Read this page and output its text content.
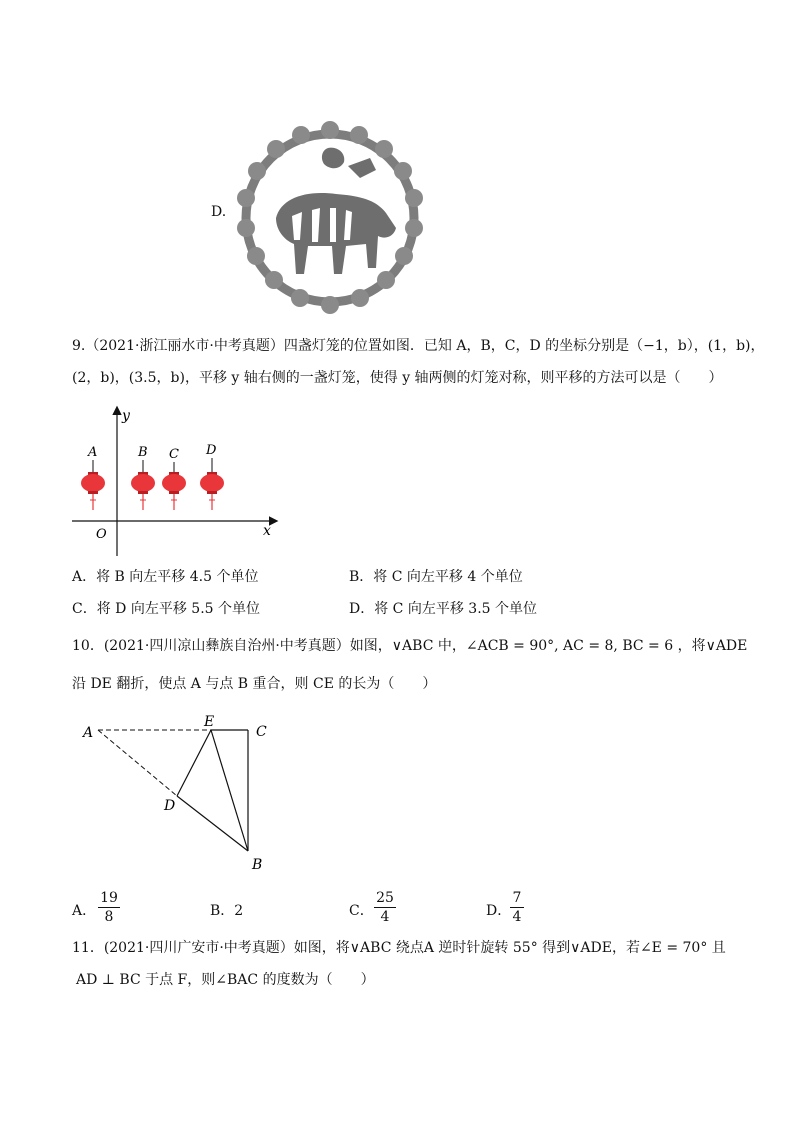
D.
9.（2021·浙江丽水市·中考真题）四盏灯笼的位置如图．已知 A，B，C，D 的坐标分别是（−1，b），(1，b)，
(2，b)，(3.5，b)，平移 y 轴右侧的一盏灯笼，使得 y 轴两侧的灯笼对称，则平移的方法可以是（　　）
y
x
O
A	B C D
A．将 B 向左平移 4.5 个单位	B．将 C 向左平移 4 个单位
C．将 D 向左平移 5.5 个单位	D．将 C 向左平移 3.5 个单位
10．(2021·四川凉山彝族自治州·中考真题）如图，∨ABC 中，∠ACB = 90°, AC = 8, BC = 6 ，将∨ADE
沿 DE 翻折，使点 A 与点 B 重合，则 CE 的长为（　　）
A
E
C
D
B
A．
19
8	B．2	C．
25
4	D．
7
4
11．(2021·四川广安市·中考真题）如图，将∨ABC 绕点A 逆时针旋转 55° 得到∨ADE，若∠E = 70° 且
AD ⊥ BC 于点 F，则∠BAC 的度数为（　　）
